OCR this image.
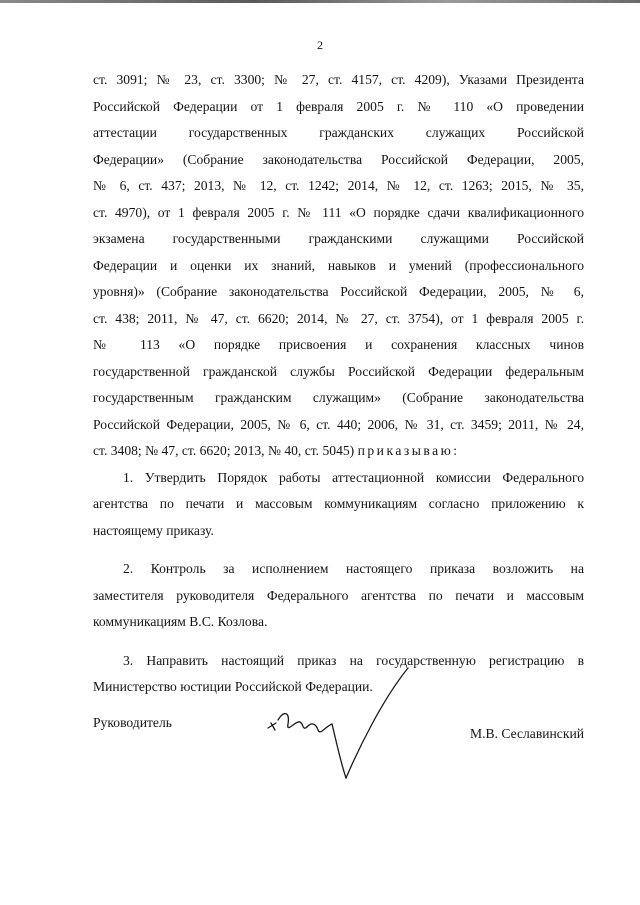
2
ст. 3091; № 23, ст. 3300; № 27, ст. 4157, ст. 4209), Указами Президента
Российской Федерации от 1 февраля 2005 г. № 110 «О проведении
аттестации государственных гражданских служащих Российской
Федерации» (Собрание законодательства Российской Федерации, 2005,
№ 6, ст. 437; 2013, № 12, ст. 1242; 2014, № 12, ст. 1263; 2015, № 35,
ст. 4970), от 1 февраля 2005 г. № 111 «О порядке сдачи квалификационного
экзамена государственными гражданскими служащими Российской
Федерации и оценки их знаний, навыков и умений (профессионального
уровня)» (Собрание законодательства Российской Федерации, 2005, № 6,
ст. 438; 2011, № 47, ст. 6620; 2014, № 27, ст. 3754), от 1 февраля 2005 г.
№ 113 «О порядке присвоения и сохранения классных чинов
государственной гражданской службы Российской Федерации федеральным
государственным гражданским служащим» (Собрание законодательства
Российской Федерации, 2005, № 6, ст. 440; 2006, № 31, ст. 3459; 2011, № 24,
ст. 3408; № 47, ст. 6620; 2013, № 40, ст. 5045) приказываю:
1. Утвердить Порядок работы аттестационной комиссии Федерального
агентства по печати и массовым коммуникациям согласно приложению к
настоящему приказу.
2. Контроль за исполнением настоящего приказа возложить на
заместителя руководителя Федерального агентства по печати и массовым
коммуникациям В.С. Козлова.
3. Направить настоящий приказ на государственную регистрацию в
Министерство юстиции Российской Федерации.
Руководитель
М.В. Сеславинский
